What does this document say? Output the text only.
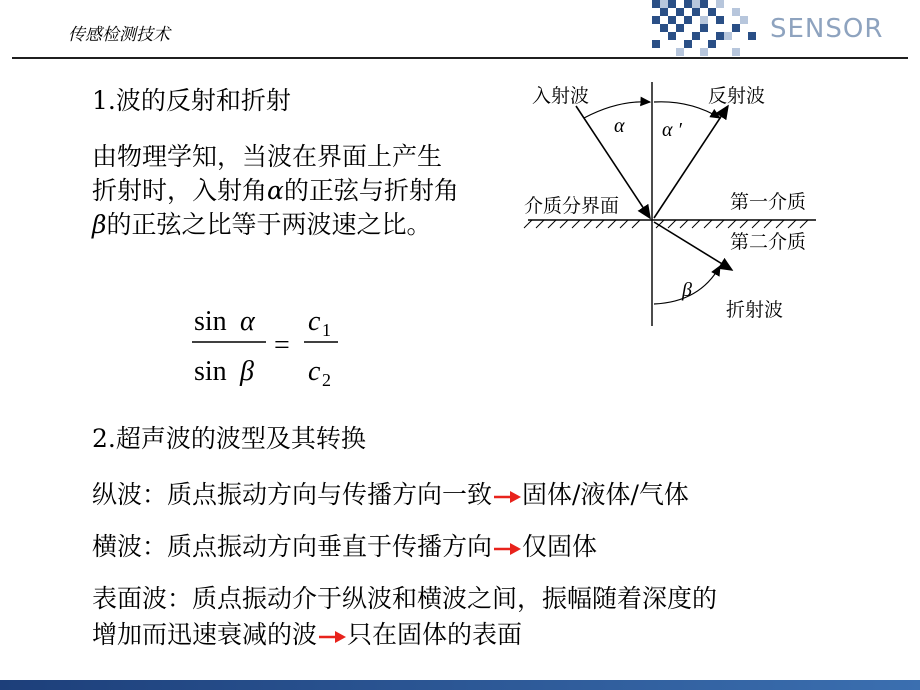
传感检测技术	SENSOR
1.波的反射和折射
由物理学知，当波在界面上产生折射时，入射角α的正弦与折射角β的正弦之比等于两波速之比。
sin α
sin β
=
c 1
c 2
入射波	反射波
介质分界面	第一介质
第二介质
折射波
α α ′
β
2.超声波的波型及其转换
纵波：质点振动方向与传播方向一致 固体/液体/气体
横波：质点振动方向垂直于传播方向 仅固体
表面波：质点振动介于纵波和横波之间，振幅随着深度的
增加而迅速衰减的波 只在固体的表面
